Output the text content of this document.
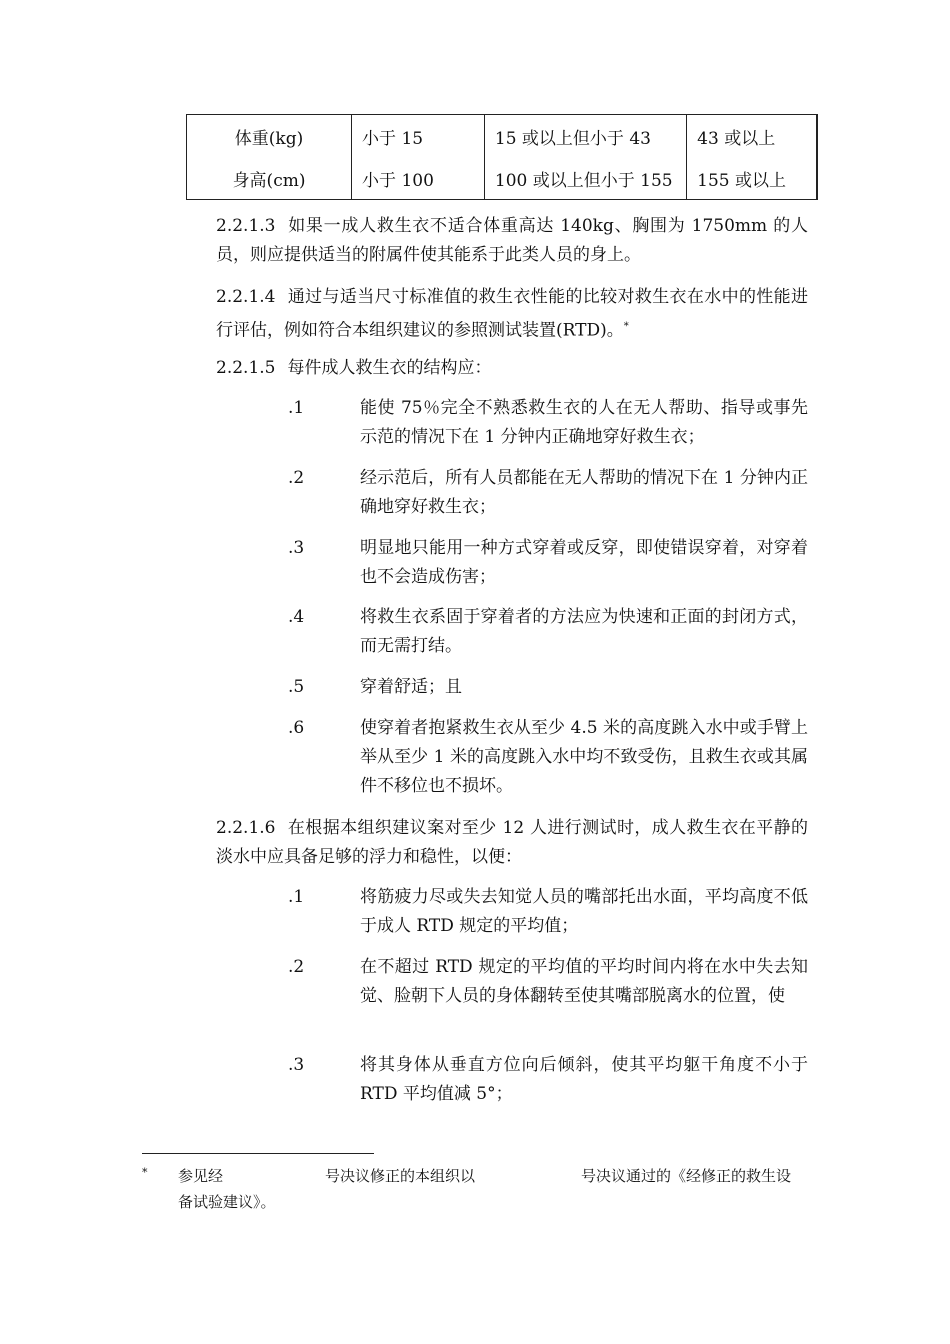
体重(kg)	小于 15	15 或以上但小于 43	43 或以上
身高(cm)	小于 100	100 或以上但小于 155	155 或以上
2.2.1.3 如果一成人救生衣不适合体重高达 140kg、胸围为 1750mm 的人员，则应提供适当的附属件使其能系于此类人员的身上。
2.2.1.4 通过与适当尺寸标准值的救生衣性能的比较对救生衣在水中的性能进行评估，例如符合本组织建议的参照测试装置(RTD)。*
2.2.1.5 每件成人救生衣的结构应：
.1	能使 75％完全不熟悉救生衣的人在无人帮助、指导或事先示范的情况下在 1 分钟内正确地穿好救生衣；
.2	经示范后，所有人员都能在无人帮助的情况下在 1 分钟内正确地穿好救生衣；
.3	明显地只能用一种方式穿着或反穿，即使错误穿着，对穿着也不会造成伤害；
.4	将救生衣系固于穿着者的方法应为快速和正面的封闭方式，而无需打结。
.5	穿着舒适；且
.6	使穿着者抱紧救生衣从至少 4.5 米的高度跳入水中或手臂上举从至少 1 米的高度跳入水中均不致受伤，且救生衣或其属件不移位也不损坏。
2.2.1.6 在根据本组织建议案对至少 12 人进行测试时，成人救生衣在平静的淡水中应具备足够的浮力和稳性，以便：
.1	将筋疲力尽或失去知觉人员的嘴部托出水面，平均高度不低于成人 RTD 规定的平均值；
.2	在不超过 RTD 规定的平均值的平均时间内将在水中失去知觉、脸朝下人员的身体翻转至使其嘴部脱离水的位置，使
.3	将其身体从垂直方位向后倾斜，使其平均躯干角度不小于 RTD 平均值减 5°；
* 参见经	号决议修正的本组织以	号决议通过的《经修正的救生设
备试验建议》。
